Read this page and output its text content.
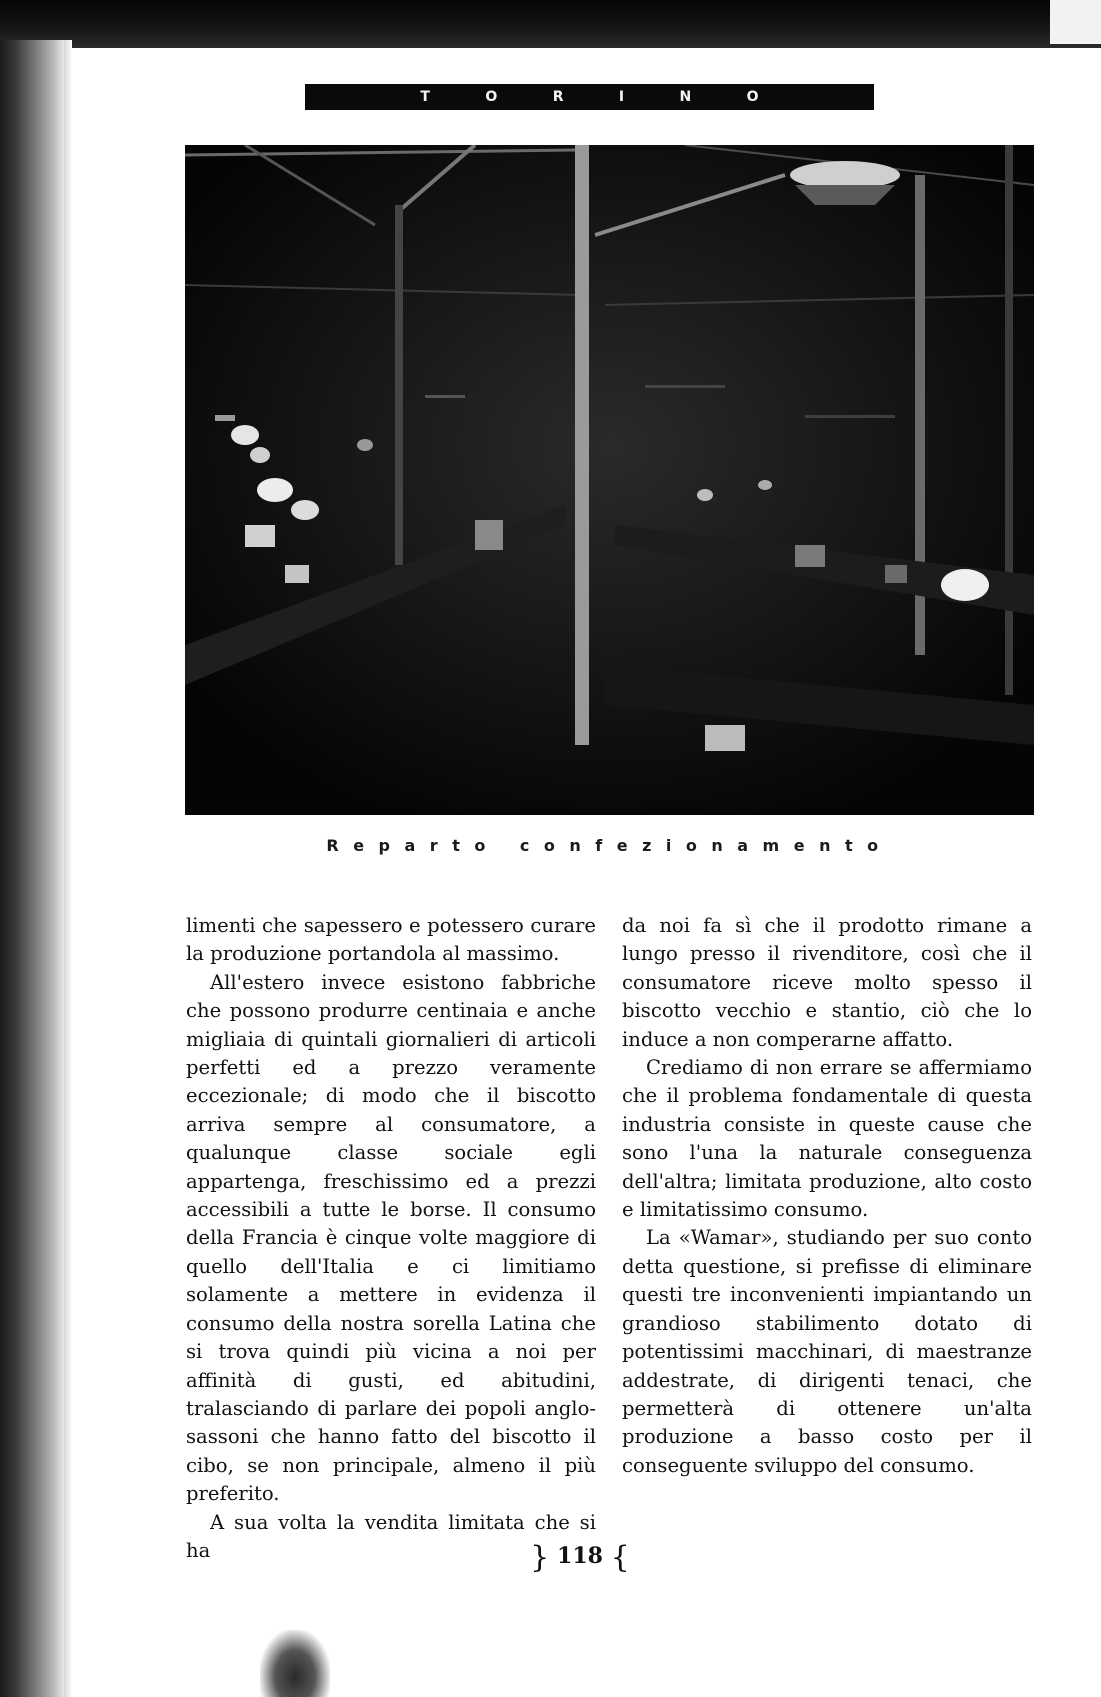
T	O	R	I	N	O
Reparto confezionamento

limenti che sapessero e potessero curare la produzione portandola al massimo.

All'estero invece esistono fabbriche che possono produrre centinaia e anche migliaia di quintali giornalieri di articoli perfetti ed a prezzo veramente eccezionale; di modo che il biscotto arriva sempre al consumatore, a qualunque classe sociale egli appartenga, freschissimo ed a prezzi accessibili a tutte le borse. Il consumo della Francia è cinque volte maggiore di quello dell'Italia e ci limitiamo solamente a mettere in evidenza il consumo della nostra sorella Latina che si trova quindi più vicina a noi per affinità di gusti, ed abitudini, tralasciando di parlare dei popoli anglo-sassoni che hanno fatto del biscotto il cibo, se non principale, almeno il più preferito.

A sua volta la vendita limitata che si ha

da noi fa sì che il prodotto rimane a lungo presso il rivenditore, così che il consumatore riceve molto spesso il biscotto vecchio e stantio, ciò che lo induce a non comperarne affatto.

Crediamo di non errare se affermiamo che il problema fondamentale di questa industria consiste in queste cause che sono l'una la naturale conseguenza dell'altra; limitata produzione, alto costo e limitatissimo consumo.

La «Wamar», studiando per suo conto detta questione, si prefisse di eliminare questi tre inconvenienti impiantando un grandioso stabilimento dotato di potentissimi macchinari, di maestranze addestrate, di dirigenti tenaci, che permetterà di ottenere un'alta produzione a basso costo per il conseguente sviluppo del consumo.

} 118 {
